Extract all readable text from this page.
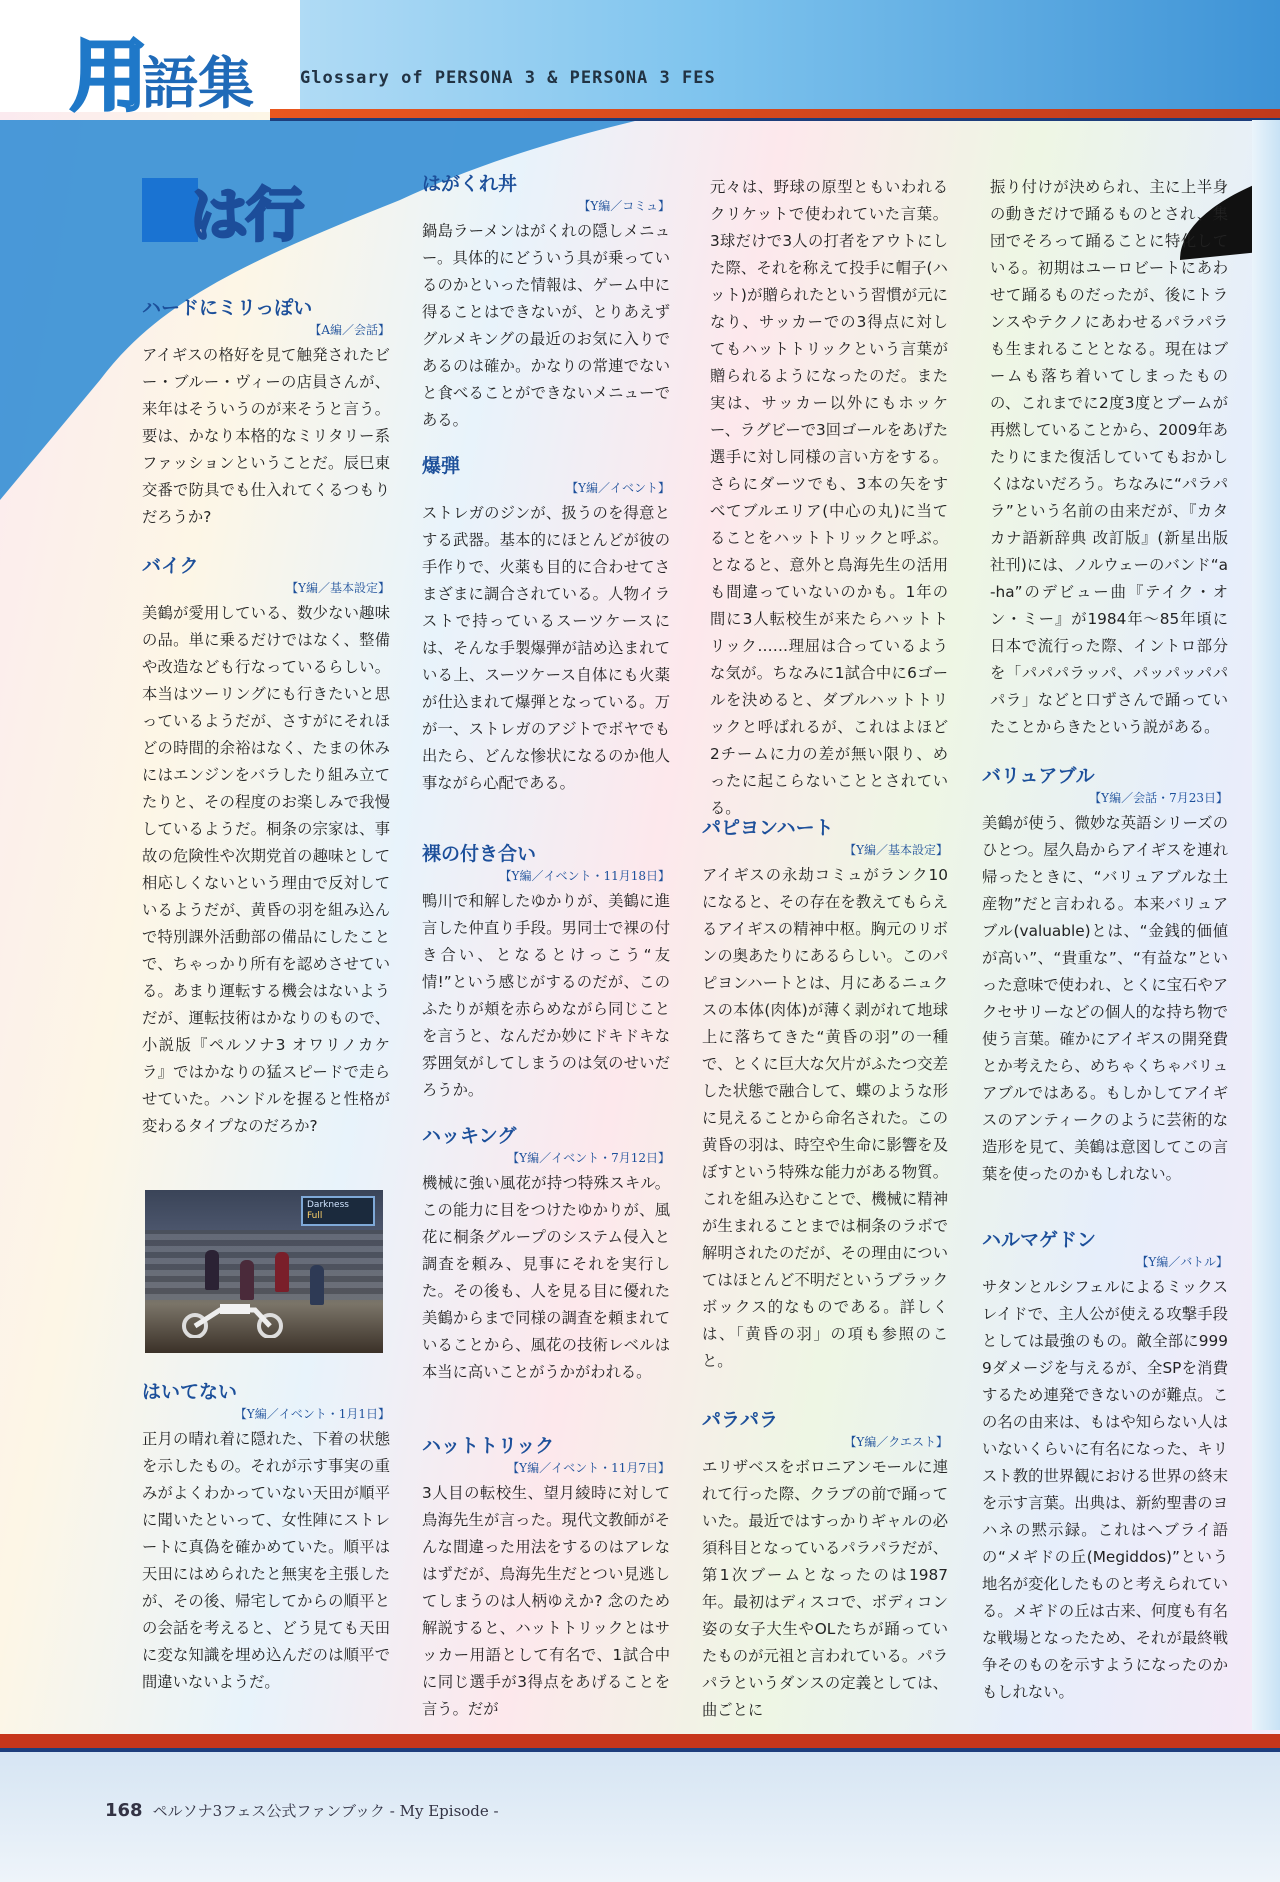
用語集	Glossary of PERSONA 3 & PERSONA 3 FES
は行
ハードにミリっぽい
【A編／会話】

アイギスの格好を見て触発されたビー・ブルー・ヴィーの店員さんが、来年はそういうのが来そうと言う。要は、かなり本格的なミリタリー系ファッションということだ。辰巳東交番で防具でも仕入れてくるつもりだろうか?

バイク
【Y編／基本設定】

美鶴が愛用している、数少ない趣味の品。単に乗るだけではなく、整備や改造なども行なっているらしい。本当はツーリングにも行きたいと思っているようだが、さすがにそれほどの時間的余裕はなく、たまの休みにはエンジンをバラしたり組み立てたりと、その程度のお楽しみで我慢しているようだ。桐条の宗家は、事故の危険性や次期党首の趣味として相応しくないという理由で反対しているようだが、黄昏の羽を組み込んで特別課外活動部の備品にしたことで、ちゃっかり所有を認めさせている。あまり運転する機会はないようだが、運転技術はかなりのもので、小説版『ペルソナ3 オワリノカケラ』ではかなりの猛スピードで走らせていた。ハンドルを握ると性格が変わるタイプなのだろか?

Darkness
Full
はいてない
【Y編／イベント・1月1日】

正月の晴れ着に隠れた、下着の状態を示したもの。それが示す事実の重みがよくわかっていない天田が順平に聞いたといって、女性陣にストレートに真偽を確かめていた。順平は天田にはめられたと無実を主張したが、その後、帰宅してからの順平との会話を考えると、どう見ても天田に変な知識を埋め込んだのは順平で間違いないようだ。

はがくれ丼
【Y編／コミュ】

鍋島ラーメンはがくれの隠しメニュー。具体的にどういう具が乗っているのかといった情報は、ゲーム中に得ることはできないが、とりあえずグルメキングの最近のお気に入りであるのは確か。かなりの常連でないと食べることができないメニューである。

爆弾
【Y編／イベント】

ストレガのジンが、扱うのを得意とする武器。基本的にほとんどが彼の手作りで、火薬も目的に合わせてさまざまに調合されている。人物イラストで持っているスーツケースには、そんな手製爆弾が詰め込まれている上、スーツケース自体にも火薬が仕込まれて爆弾となっている。万が一、ストレガのアジトでボヤでも出たら、どんな惨状になるのか他人事ながら心配である。

裸の付き合い
【Y編／イベント・11月18日】

鴨川で和解したゆかりが、美鶴に進言した仲直り手段。男同士で裸の付き合い、となるとけっこう“友情!”という感じがするのだが、このふたりが頬を赤らめながら同じことを言うと、なんだか妙にドキドキな雰囲気がしてしまうのは気のせいだろうか。

ハッキング
【Y編／イベント・7月12日】

機械に強い風花が持つ特殊スキル。この能力に目をつけたゆかりが、風花に桐条グループのシステム侵入と調査を頼み、見事にそれを実行した。その後も、人を見る目に優れた美鶴からまで同様の調査を頼まれていることから、風花の技術レベルは本当に高いことがうかがわれる。

ハットトリック
【Y編／イベント・11月7日】

3人目の転校生、望月綾時に対して鳥海先生が言った。現代文教師がそんな間違った用法をするのはアレなはずだが、鳥海先生だとつい見逃してしまうのは人柄ゆえか? 念のため解説すると、ハットトリックとはサッカー用語として有名で、1試合中に同じ選手が3得点をあげることを言う。だが

元々は、野球の原型ともいわれるクリケットで使われていた言葉。3球だけで3人の打者をアウトにした際、それを称えて投手に帽子(ハット)が贈られたという習慣が元になり、サッカーでの3得点に対してもハットトリックという言葉が贈られるようになったのだ。また実は、サッカー以外にもホッケー、ラグビーで3回ゴールをあげた選手に対し同様の言い方をする。さらにダーツでも、3本の矢をすべてブルエリア(中心の丸)に当てることをハットトリックと呼ぶ。となると、意外と鳥海先生の活用も間違っていないのかも。1年の間に3人転校生が来たらハットトリック……理屈は合っているような気が。ちなみに1試合中に6ゴールを決めると、ダブルハットトリックと呼ばれるが、これはよほど2チームに力の差が無い限り、めったに起こらないこととされている。

パピヨンハート
【Y編／基本設定】

アイギスの永劫コミュがランク10になると、その存在を教えてもらえるアイギスの精神中枢。胸元のリボンの奥あたりにあるらしい。このパピヨンハートとは、月にあるニュクスの本体(肉体)が薄く剥がれて地球上に落ちてきた“黄昏の羽”の一種で、とくに巨大な欠片がふたつ交差した状態で融合して、蝶のような形に見えることから命名された。この黄昏の羽は、時空や生命に影響を及ぼすという特殊な能力がある物質。これを組み込むことで、機械に精神が生まれることまでは桐条のラボで解明されたのだが、その理由についてはほとんど不明だというブラックボックス的なものである。詳しくは、「黄昏の羽」の項も参照のこと。

パラパラ
【Y編／クエスト】

エリザベスをボロニアンモールに連れて行った際、クラブの前で踊っていた。最近ではすっかりギャルの必須科目となっているパラパラだが、第1次ブームとなったのは1987年。最初はディスコで、ボディコン姿の女子大生やOLたちが踊っていたものが元祖と言われている。パラパラというダンスの定義としては、曲ごとに

振り付けが決められ、主に上半身の動きだけで踊るものとされ、集団でそろって踊ることに特化している。初期はユーロビートにあわせて踊るものだったが、後にトランスやテクノにあわせるパラパラも生まれることとなる。現在はブームも落ち着いてしまったものの、これまでに2度3度とブームが再燃していることから、2009年あたりにまた復活していてもおかしくはないだろう。ちなみに“パラパラ”という名前の由来だが、『カタカナ語新辞典 改訂版』(新星出版社刊)には、ノルウェーのバンド“a-ha”のデビュー曲『テイク・オン・ミー』が1984年〜85年頃に日本で流行った際、イントロ部分を「パパパラッパ、パッパッパパパラ」などと口ずさんで踊っていたことからきたという説がある。

バリュアブル
【Y編／会話・7月23日】

美鶴が使う、微妙な英語シリーズのひとつ。屋久島からアイギスを連れ帰ったときに、“バリュアブルな土産物”だと言われる。本来バリュアブル(valuable)とは、“金銭的価値が高い”、“貴重な”、“有益な”といった意味で使われ、とくに宝石やアクセサリーなどの個人的な持ち物で使う言葉。確かにアイギスの開発費とか考えたら、めちゃくちゃバリュアブルではある。もしかしてアイギスのアンティークのように芸術的な造形を見て、美鶴は意図してこの言葉を使ったのかもしれない。

ハルマゲドン
【Y編／バトル】

サタンとルシフェルによるミックスレイドで、主人公が使える攻撃手段としては最強のもの。敵全部に9999ダメージを与えるが、全SPを消費するため連発できないのが難点。この名の由来は、もはや知らない人はいないくらいに有名になった、キリスト教的世界観における世界の終末を示す言葉。出典は、新約聖書のヨハネの黙示録。これはヘブライ語の“メギドの丘(Megiddos)”という地名が変化したものと考えられている。メギドの丘は古来、何度も有名な戦場となったため、それが最終戦争そのものを示すようになったのかもしれない。

168 ペルソナ3フェス公式ファンブック - My Episode -
